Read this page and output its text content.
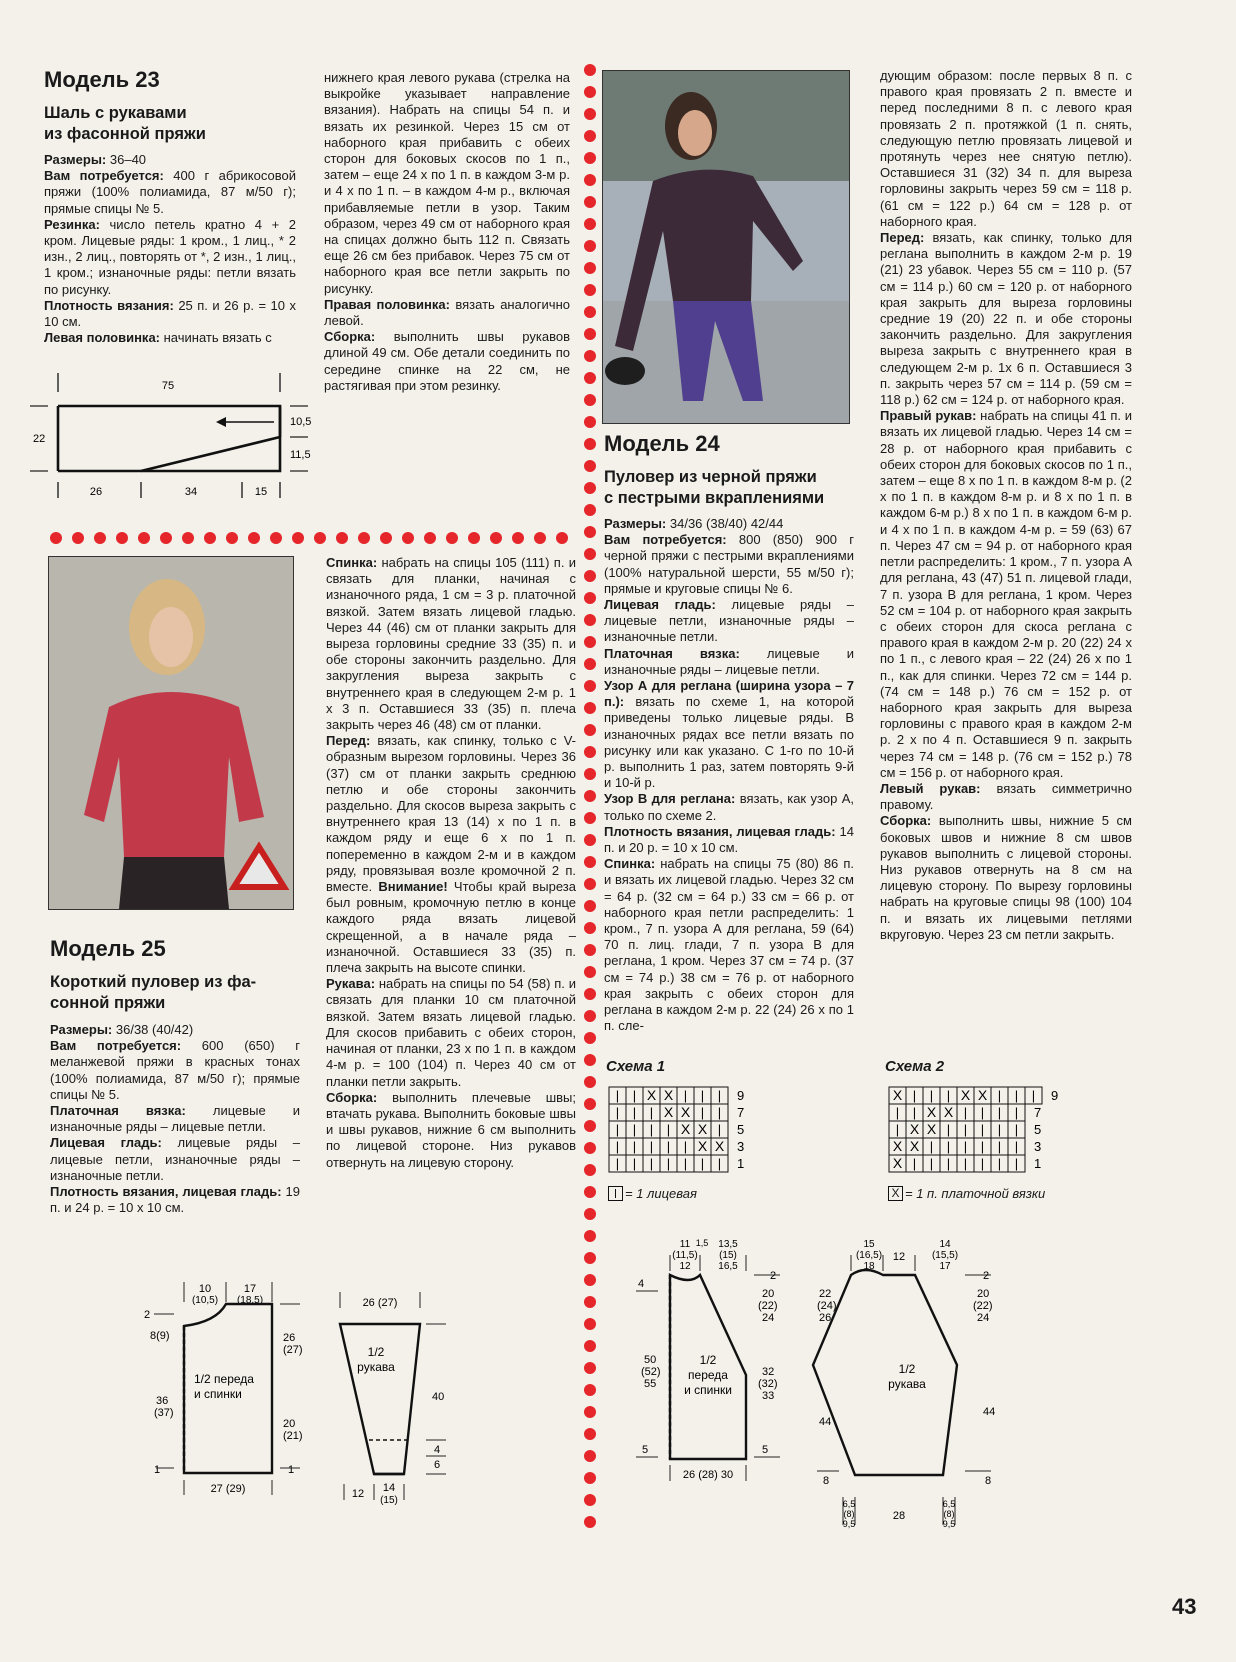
Модель 23
Шаль с рукавами
из фасонной пряжи

Размеры: 36–40

Вам потребуется: 400 г абрикосовой пряжи (100% полиамида, 87 м/50 г); прямые спицы № 5.

Резинка: число петель кратно 4 + 2 кром. Лицевые ряды: 1 кром., 1 лиц., * 2 изн., 2 лиц., повторять от *, 2 изн., 1 лиц., 1 кром.; изнаночные ряды: петли вязать по рисунку.

Плотность вязания: 25 п. и 26 р. = 10 х 10 см.

Левая половинка: начинать вязать с

нижнего края левого рукава (стрелка на выкройке указывает направление вязания). Набрать на спицы 54 п. и вязать их резинкой. Через 15 см от наборного края прибавить с обеих сторон для боковых скосов по 1 п., затем – еще 24 х по 1 п. в каждом 3-м р. и 4 х по 1 п. – в каждом 4-м р., включая прибавляемые петли в узор. Таким образом, через 49 см от наборного края на спицах должно быть 112 п. Связать еще 26 см без прибавок. Через 75 см от наборного края все петли закрыть по рисунку.

Правая половинка: вязать аналогично левой.

Сборка: выполнить швы рукавов длиной 49 см. Обе детали соединить по середине спинке на 22 см, не растягивая при этом резинку.

75
22
10,5
11,5
26	34	15
Модель 25
Короткий пуловер из фа-
сонной пряжи

Размеры: 36/38 (40/42)

Вам потребуется: 600 (650) г меланжевой пряжи в красных тонах (100% полиамида, 87 м/50 г); прямые спицы № 5.

Платочная вязка: лицевые и изнаночные ряды – лицевые петли.

Лицевая гладь: лицевые ряды – лицевые петли, изнаночные ряды – изнаночные петли.

Плотность вязания, лицевая гладь: 19 п. и 24 р. = 10 х 10 см.

Спинка: набрать на спицы 105 (111) п. и связать для планки, начиная с изнаночного ряда, 1 см = 3 р. платочной вязкой. Затем вязать лицевой гладью. Через 44 (46) см от планки закрыть для выреза горловины средние 33 (35) п. и обе стороны закончить раздельно. Для закругления выреза закрыть с внутреннего края в следующем 2-м р. 1 х 3 п. Оставшиеся 33 (35) п. плеча закрыть через 46 (48) см от планки.

Перед: вязать, как спинку, только с V-образным вырезом горловины. Через 36 (37) см от планки закрыть среднюю петлю и обе стороны закончить раздельно. Для скосов выреза закрыть с внутреннего края 13 (14) х по 1 п. в каждом ряду и еще 6 х по 1 п. попеременно в каждом 2-м и в каждом ряду, провязывая возле кромочной 2 п. вместе. Внимание! Чтобы край выреза был ровным, кромочную петлю в конце каждого ряда вязать лицевой скрещенной, а в начале ряда – изнаночной. Оставшиеся 33 (35) п. плеча закрыть на высоте спинки.

Рукава: набрать на спицы по 54 (58) п. и связать для планки 10 см платочной вязкой. Затем вязать лицевой гладью. Для скосов прибавить с обеих сторон, начиная от планки, 23 х по 1 п. в каждом 4-м р. = 100 (104) п. Через 40 см от планки петли закрыть.

Сборка: выполнить плечевые швы; втачать рукава. Выполнить боковые швы и швы рукавов, нижние 6 см выполнить по лицевой стороне. Низ рукавов отвернуть на лицевую сторону.

10
(10,5)
17
(18,5)
2
8(9)
36
(37)
1
1/2 переда
и спинки
26
(27)
20
(21)
1
27 (29)
26 (27)
1/2
рукава
40
4
6
12 14
(15)
Модель 24
Пуловер из черной пряжи
с пестрыми вкраплениями

Размеры: 34/36 (38/40) 42/44

Вам потребуется: 800 (850) 900 г черной пряжи с пестрыми вкраплениями (100% натуральной шерсти, 55 м/50 г); прямые и круговые спицы № 6.

Лицевая гладь: лицевые ряды – лицевые петли, изнаночные ряды – изнаночные петли.

Платочная вязка: лицевые и изнаночные ряды – лицевые петли.

Узор А для реглана (ширина узора – 7 п.): вязать по схеме 1, на которой приведены только лицевые ряды. В изнаночных рядах все петли вязать по рисунку или как указано. С 1-го по 10-й р. выполнить 1 раз, затем повторять 9-й и 10-й р.

Узор В для реглана: вязать, как узор А, только по схеме 2.

Плотность вязания, лицевая гладь: 14 п. и 20 р. = 10 х 10 см.

Спинка: набрать на спицы 75 (80) 86 п. и вязать их лицевой гладью. Через 32 см = 64 р. (32 см = 64 р.) 33 см = 66 р. от наборного края петли распределить: 1 кром., 7 п. узора А для реглана, 59 (64) 70 п. лиц. глади, 7 п. узора В для реглана, 1 кром. Через 37 см = 74 р. (37 см = 74 р.) 38 см = 76 р. от наборного края закрыть с обеих сторон для реглана в каждом 2-м р. 22 (24) 26 х по 1 п. сле-

дующим образом: после первых 8 п. с правого края провязать 2 п. вместе и перед последними 8 п. с левого края провязать 2 п. протяжкой (1 п. снять, следующую петлю провязать лицевой и протянуть через нее снятую петлю). Оставшиеся 31 (32) 34 п. для выреза горловины закрыть через 59 см = 118 р. (61 см = 122 р.) 64 см = 128 р. от наборного края.

Перед: вязать, как спинку, только для реглана выполнить в каждом 2-м р. 19 (21) 23 убавок. Через 55 см = 110 р. (57 см = 114 р.) 60 см = 120 р. от наборного края закрыть для выреза горловины средние 19 (20) 22 п. и обе стороны закончить раздельно. Для закругления выреза закрыть с внутреннего края в следующем 2-м р. 1х 6 п. Оставшиеся 3 п. закрыть через 57 см = 114 р. (59 см = 118 р.) 62 см = 124 р. от наборного края.

Правый рукав: набрать на спицы 41 п. и вязать их лицевой гладью. Через 14 см = 28 р. от наборного края прибавить с обеих сторон для боковых скосов по 1 п., затем – еще 8 х по 1 п. в каждом 8-м р. (2 х по 1 п. в каждом 8-м р. и 8 х по 1 п. в каждом 6-м р.) 8 х по 1 п. в каждом 6-м р. и 4 х по 1 п. в каждом 4-м р. = 59 (63) 67 п. Через 47 см = 94 р. от наборного края петли распределить: 1 кром., 7 п. узора А для реглана, 43 (47) 51 п. лицевой глади, 7 п. узора В для реглана, 1 кром. Через 52 см = 104 р. от наборного края закрыть с обеих сторон для скоса реглана с правого края в каждом 2-м р. 20 (22) 24 х по 1 п., с левого края – 22 (24) 26 х по 1 п., как для спинки. Через 72 см = 144 р. (74 см = 148 р.) 76 см = 152 р. от наборного края закрыть для выреза горловины с правого края в каждом 2-м р. 2 х по 4 п. Оставшиеся 9 п. закрыть через 74 см = 148 р. (76 см = 152 р.) 78 см = 156 р. от наборного края.

Левый рукав: вязать симметрично правому.

Сборка: выполнить швы, нижние 5 см боковых швов и нижние 8 см швов рукавов выполнить с лицевой стороны. Низ рукавов отвернуть на 8 см на лицевую сторону. По вырезу горловины набрать на круговые спицы 98 (100) 104 п. и вязать их лицевыми петлями вкруговую. Через 23 см петли закрыть.

Схема 1
| | X X | | | 9
| | | X X | | 7
| | | | X X | 5
| | | | | X X 3
| | | | | | | 1
= 1 лицевая
Схема 2
X | | | X X | | | 9
| | X X | | | | 7
| X X | | | | | 5
X X | | | | | | 3
X | | | | | | | 1
X = 1 п. платочной вязки
11
(11,5)
1,5 13,5
(15)
16,5
12
4
50
(52)
55
5
1/2
переда
и спинки
2
20
(22)
24
32
(32)
33
5
26 (28) 30
15
(16,5)
18
12
14
(15,5)
17
1/2
рукава
22
(24)
26
44
8
2
20
(22)
24
44
8
6,5
(8)
9,5
28
6,5
(8)
9,5
43
